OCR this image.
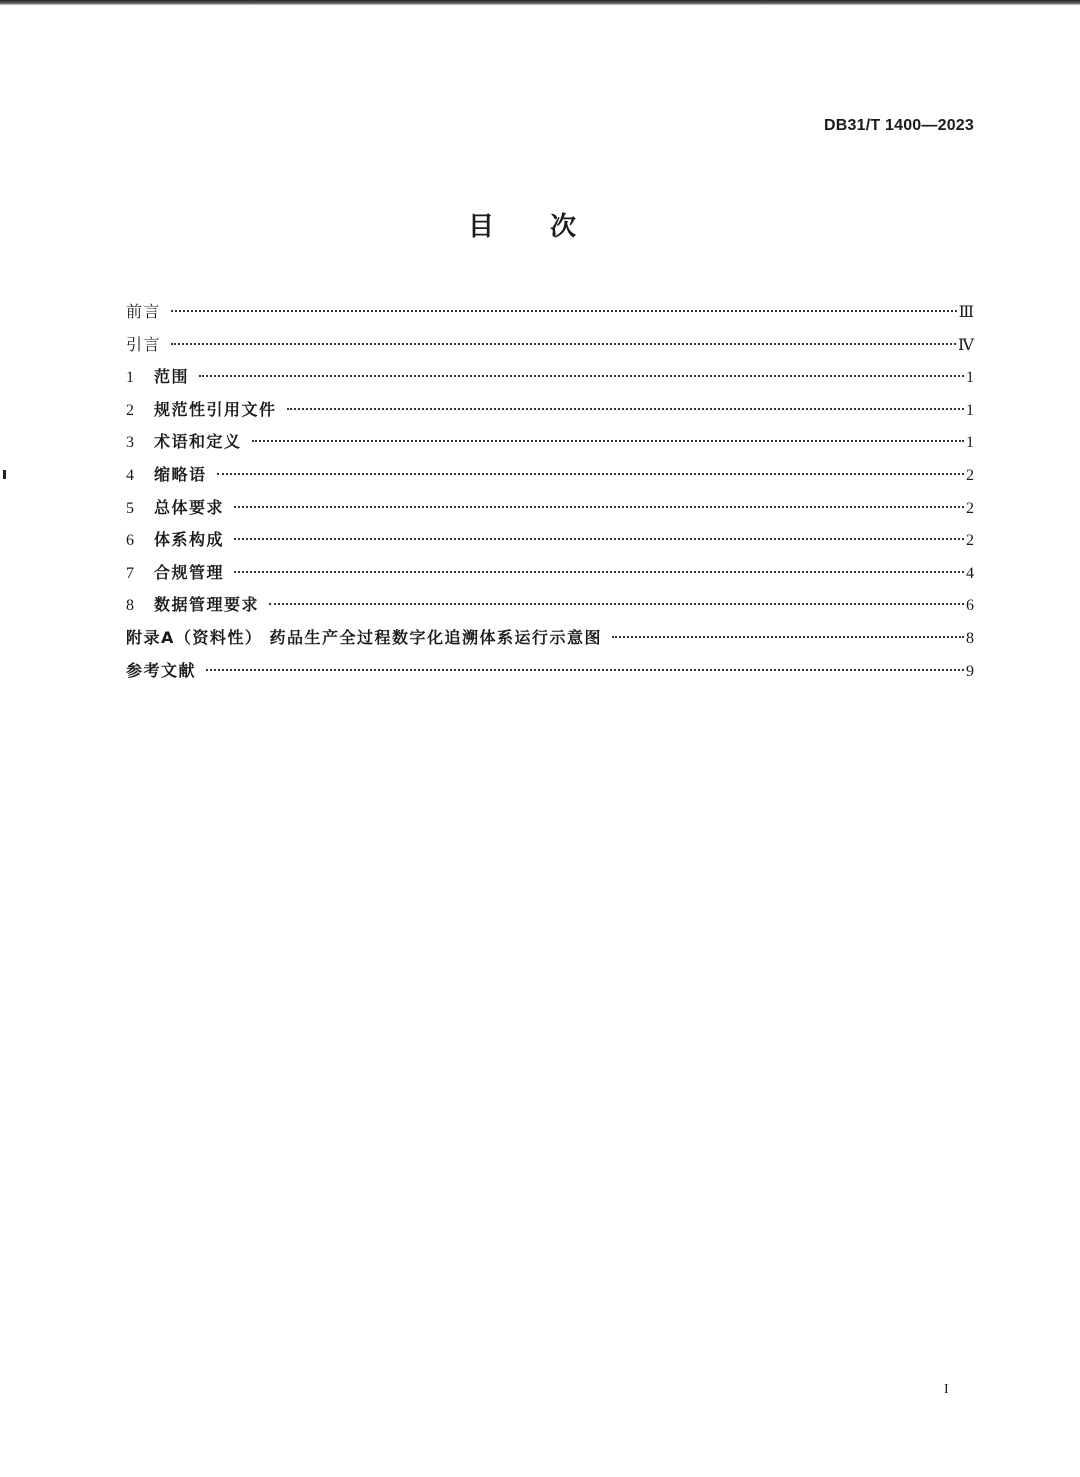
DB31/T 1400—2023
目次
前言	Ⅲ
引言	Ⅳ
1	范围	1
2	规范性引用文件	1
3	术语和定义	1
4	缩略语	2
5	总体要求	2
6	体系构成	2
7	合规管理	4
8	数据管理要求	6
附录A（资料性） 药品生产全过程数字化追溯体系运行示意图	8
参考文献	9
I
